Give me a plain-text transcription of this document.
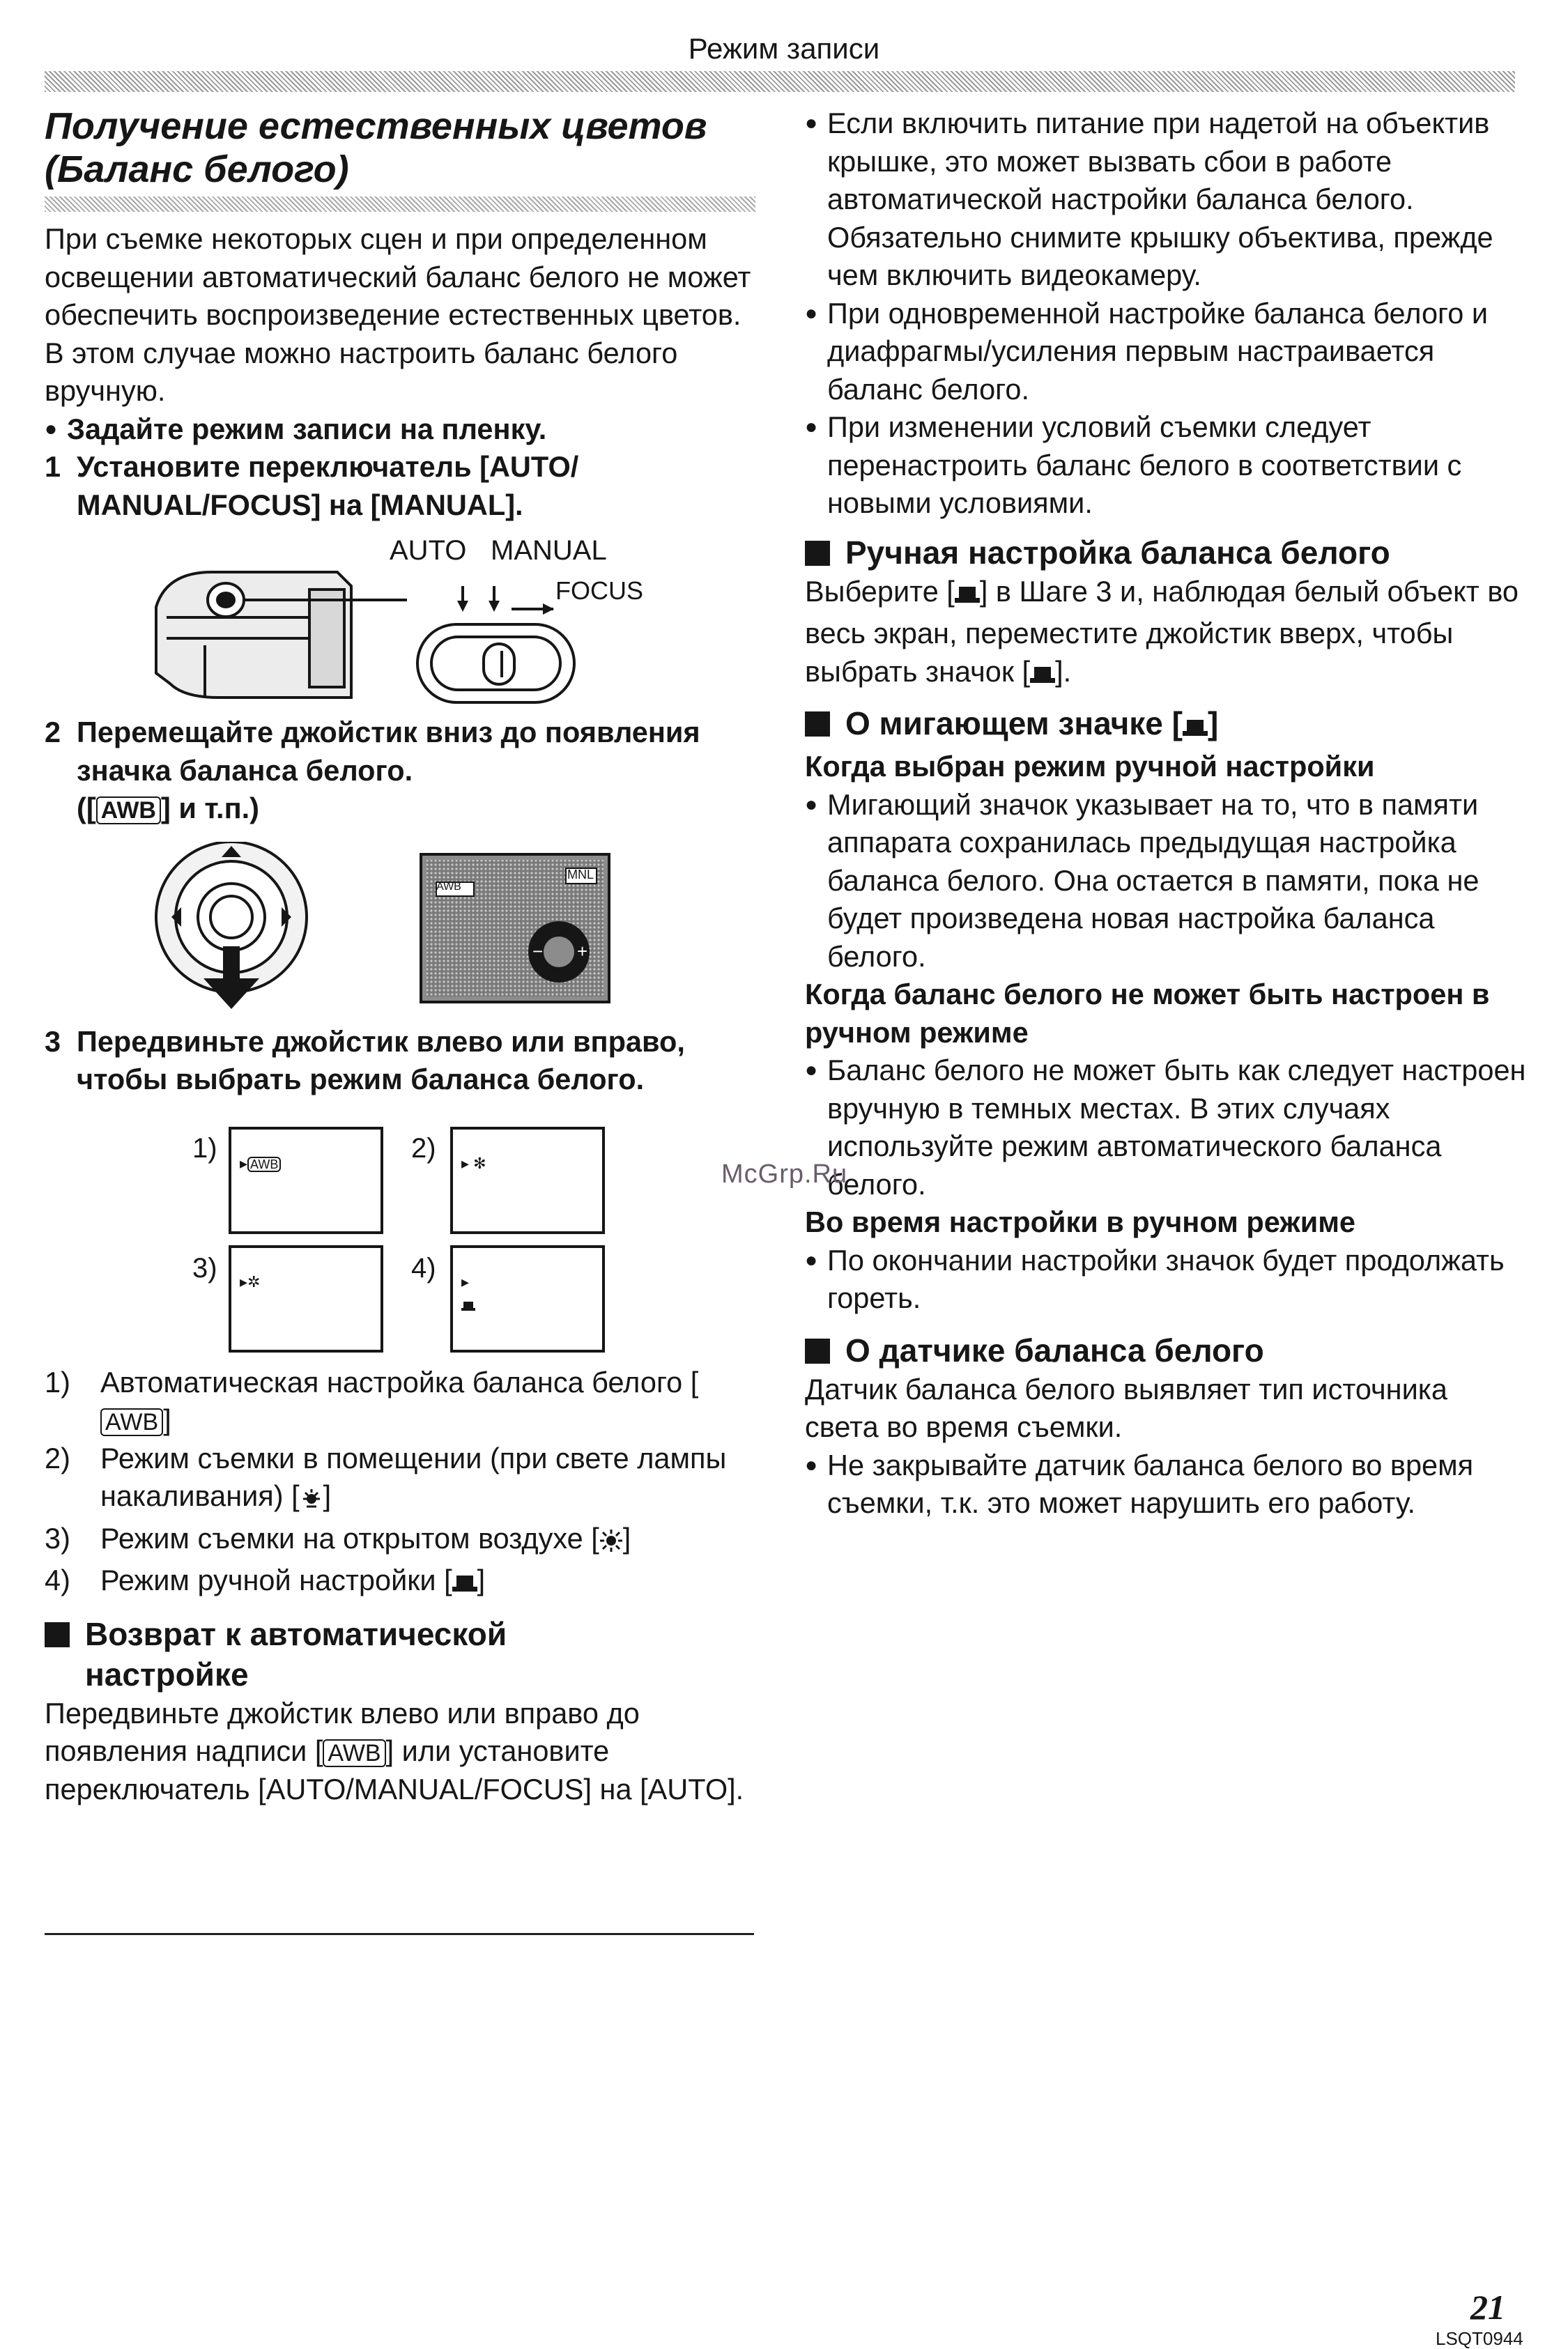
Режим записи
Получение естественных цветов
(Баланс белого)

При съемке некоторых сцен и при определенном освещении автоматический баланс белого не может обеспечить воспроизведение естественных цветов. В этом случае можно настроить баланс белого вручную.

● Задайте режим записи на пленку.

1 Установите переключатель [AUTO/ MANUAL/FOCUS] на [MANUAL].
AUTO MANUAL
FOCUS
2 Перемещайте джойстик вниз до появления значка баланса белого.
([ AWB ] и т.п.)
− +
AWB
MNL
3 Передвиньте джойстик влево или вправо, чтобы выбрать режим баланса белого.
1) ▸ AWB
2) ▸ ✻
3) ▸✲	4) ▸
1) Автоматическая настройка баланса белого [AWB ]
2) Режим съемки в помещении (при свете лампы накаливания) [ ]
3) Режим съемки на открытом воздухе [ ]
4) Режим ручной настройки [ ]
Возврат к автоматической
настройке

Передвиньте джойстик влево или вправо до появления надписи [ AWB ] или установите переключатель [AUTO/MANUAL/FOCUS] на [AUTO].

● Если включить питание при надетой на объектив крышке, это может вызвать сбои в работе автоматической настройки баланса белого. Обязательно снимите крышку объектива, прежде чем включить видеокамеру.

● При одновременной настройке баланса белого и диафрагмы/усиления первым настраивается баланс белого.

● При изменении условий съемки следует перенастроить баланс белого в соответствии с новыми условиями.

Ручная настройка баланса белого

Выберите [ ] в Шаге 3 и, наблюдая белый объект во весь экран, переместите джойстик вверх, чтобы выбрать значок [ ].

О мигающем значке [ ]

Когда выбран режим ручной настройки

● Мигающий значок указывает на то, что в памяти аппарата сохранилась предыдущая настройка баланса белого. Она остается в памяти, пока не будет произведена новая настройка баланса белого.

Когда баланс белого не может быть настроен в ручном режиме

● Баланс белого не может быть как следует настроен вручную в темных местах. В этих случаях используйте режим автоматического баланса белого.

Во время настройки в ручном режиме

● По окончании настройки значок будет продолжать гореть.

О датчике баланса белого

Датчик баланса белого выявляет тип источника света во время съемки.

● Не закрывайте датчик баланса белого во время съемки, т.к. это может нарушить его работу.

McGrp.Ru
21
LSQT0944
